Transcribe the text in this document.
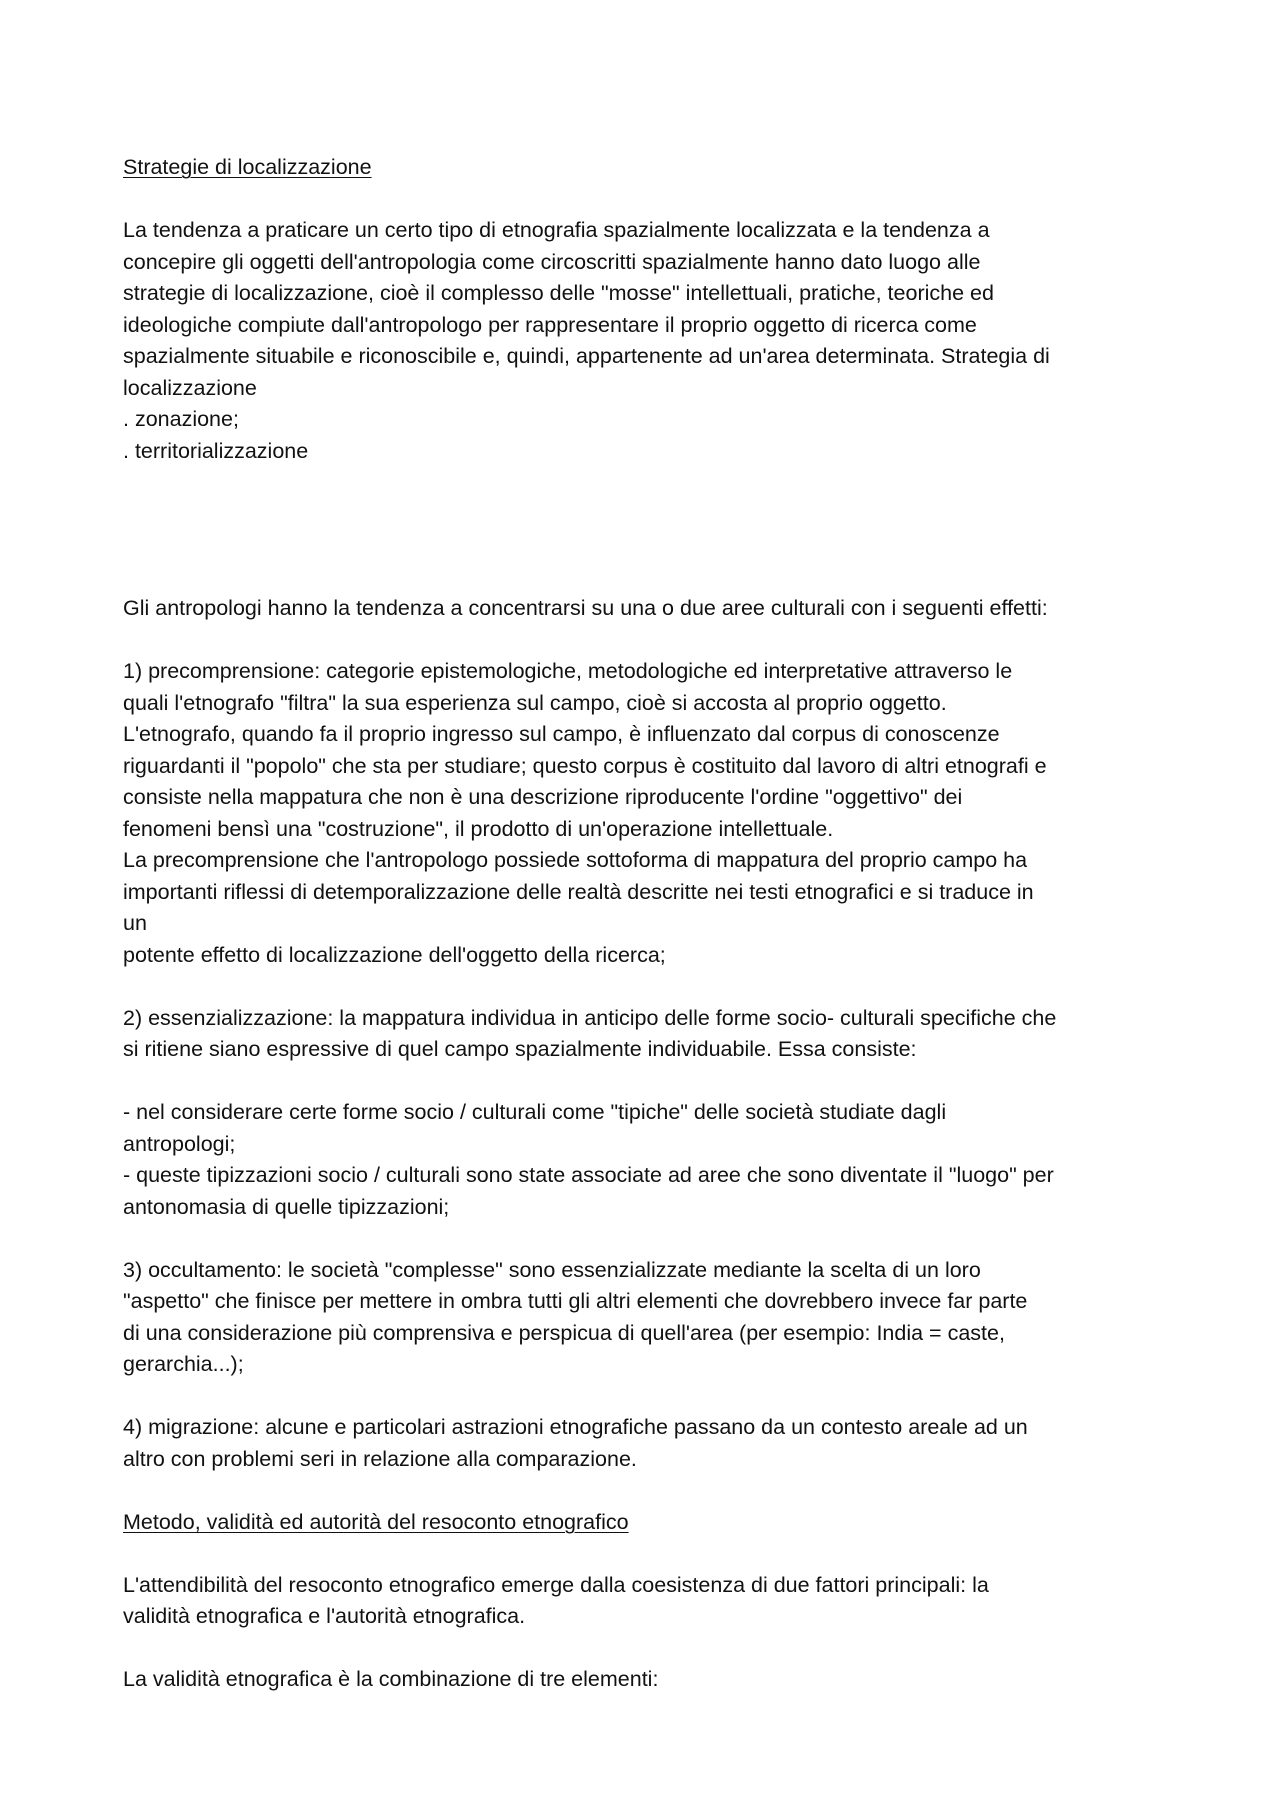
Strategie di localizzazione
La tendenza a praticare un certo tipo di etnografia spazialmente localizzata e la tendenza a
concepire gli oggetti dell'antropologia come circoscritti spazialmente hanno dato luogo alle
strategie di localizzazione, cioè il complesso delle "mosse" intellettuali, pratiche, teoriche ed
ideologiche compiute dall'antropologo per rappresentare il proprio oggetto di ricerca come
spazialmente situabile e riconoscibile e, quindi, appartenente ad un'area determinata. Strategia di
localizzazione
. zonazione;
. territorializzazione
Gli antropologi hanno la tendenza a concentrarsi su una o due aree culturali con i seguenti effetti:
1) precomprensione: categorie epistemologiche, metodologiche ed interpretative attraverso le
quali l'etnografo "filtra" la sua esperienza sul campo, cioè si accosta al proprio oggetto.
L'etnografo, quando fa il proprio ingresso sul campo, è influenzato dal corpus di conoscenze
riguardanti il "popolo" che sta per studiare; questo corpus è costituito dal lavoro di altri etnografi e
consiste nella mappatura che non è una descrizione riproducente l'ordine "oggettivo" dei
fenomeni bensì una "costruzione", il prodotto di un'operazione intellettuale.
La precomprensione che l'antropologo possiede sottoforma di mappatura del proprio campo ha
importanti riflessi di detemporalizzazione delle realtà descritte nei testi etnografici e si traduce in
un
potente effetto di localizzazione dell'oggetto della ricerca;
2) essenzializzazione: la mappatura individua in anticipo delle forme socio- culturali specifiche che
si ritiene siano espressive di quel campo spazialmente individuabile. Essa consiste:
- nel considerare certe forme socio / culturali come "tipiche" delle società studiate dagli
antropologi;
- queste tipizzazioni socio / culturali sono state associate ad aree che sono diventate il "luogo" per
antonomasia di quelle tipizzazioni;
3) occultamento: le società "complesse" sono essenzializzate mediante la scelta di un loro
"aspetto" che finisce per mettere in ombra tutti gli altri elementi che dovrebbero invece far parte
di una considerazione più comprensiva e perspicua di quell'area (per esempio: India = caste,
gerarchia...);
4) migrazione: alcune e particolari astrazioni etnografiche passano da un contesto areale ad un
altro con problemi seri in relazione alla comparazione.
Metodo, validità ed autorità del resoconto etnografico
L'attendibilità del resoconto etnografico emerge dalla coesistenza di due fattori principali: la
validità etnografica e l'autorità etnografica.
La validità etnografica è la combinazione di tre elementi:
